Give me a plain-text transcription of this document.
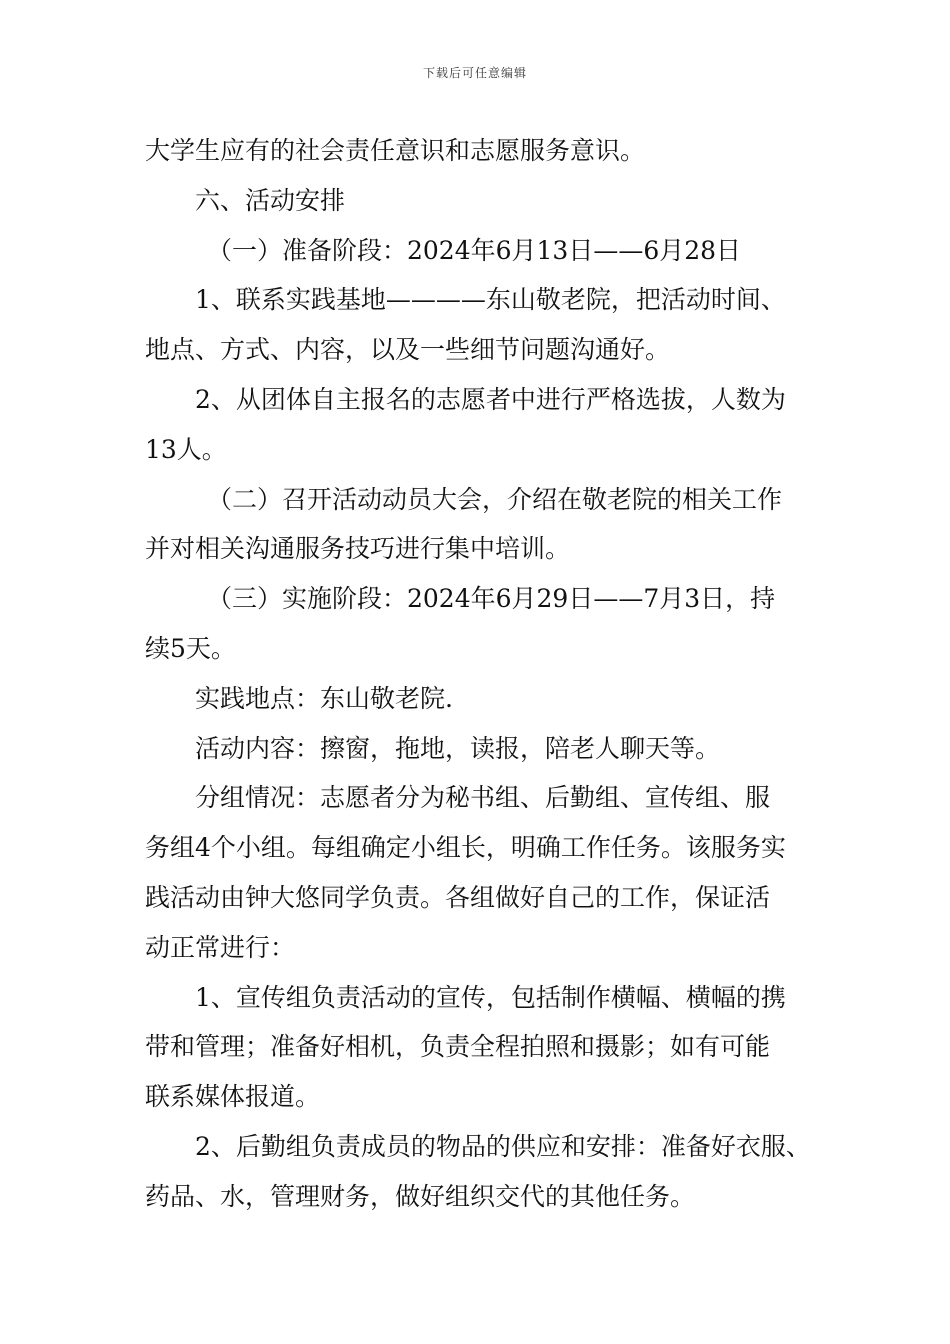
下载后可任意编辑

大学生应有的社会责任意识和志愿服务意识。

六、活动安排

（一）准备阶段：2024年6月13日——6月28日

1、联系实践基地————东山敬老院，把活动时间、
地点、方式、内容，以及一些细节问题沟通好。

2、从团体自主报名的志愿者中进行严格选拔，人数为
13人。

（二）召开活动动员大会，介绍在敬老院的相关工作
并对相关沟通服务技巧进行集中培训。

（三）实施阶段：2024年6月29日——7月3日，持
续5天。

实践地点：东山敬老院.

活动内容：擦窗，拖地，读报，陪老人聊天等。

分组情况：志愿者分为秘书组、后勤组、宣传组、服
务组4个小组。每组确定小组长，明确工作任务。该服务实
践活动由钟大悠同学负责。各组做好自己的工作，保证活
动正常进行：

1、宣传组负责活动的宣传，包括制作横幅、横幅的携
带和管理；准备好相机，负责全程拍照和摄影；如有可能
联系媒体报道。

2、后勤组负责成员的物品的供应和安排：准备好衣服、
药品、水，管理财务，做好组织交代的其他任务。
